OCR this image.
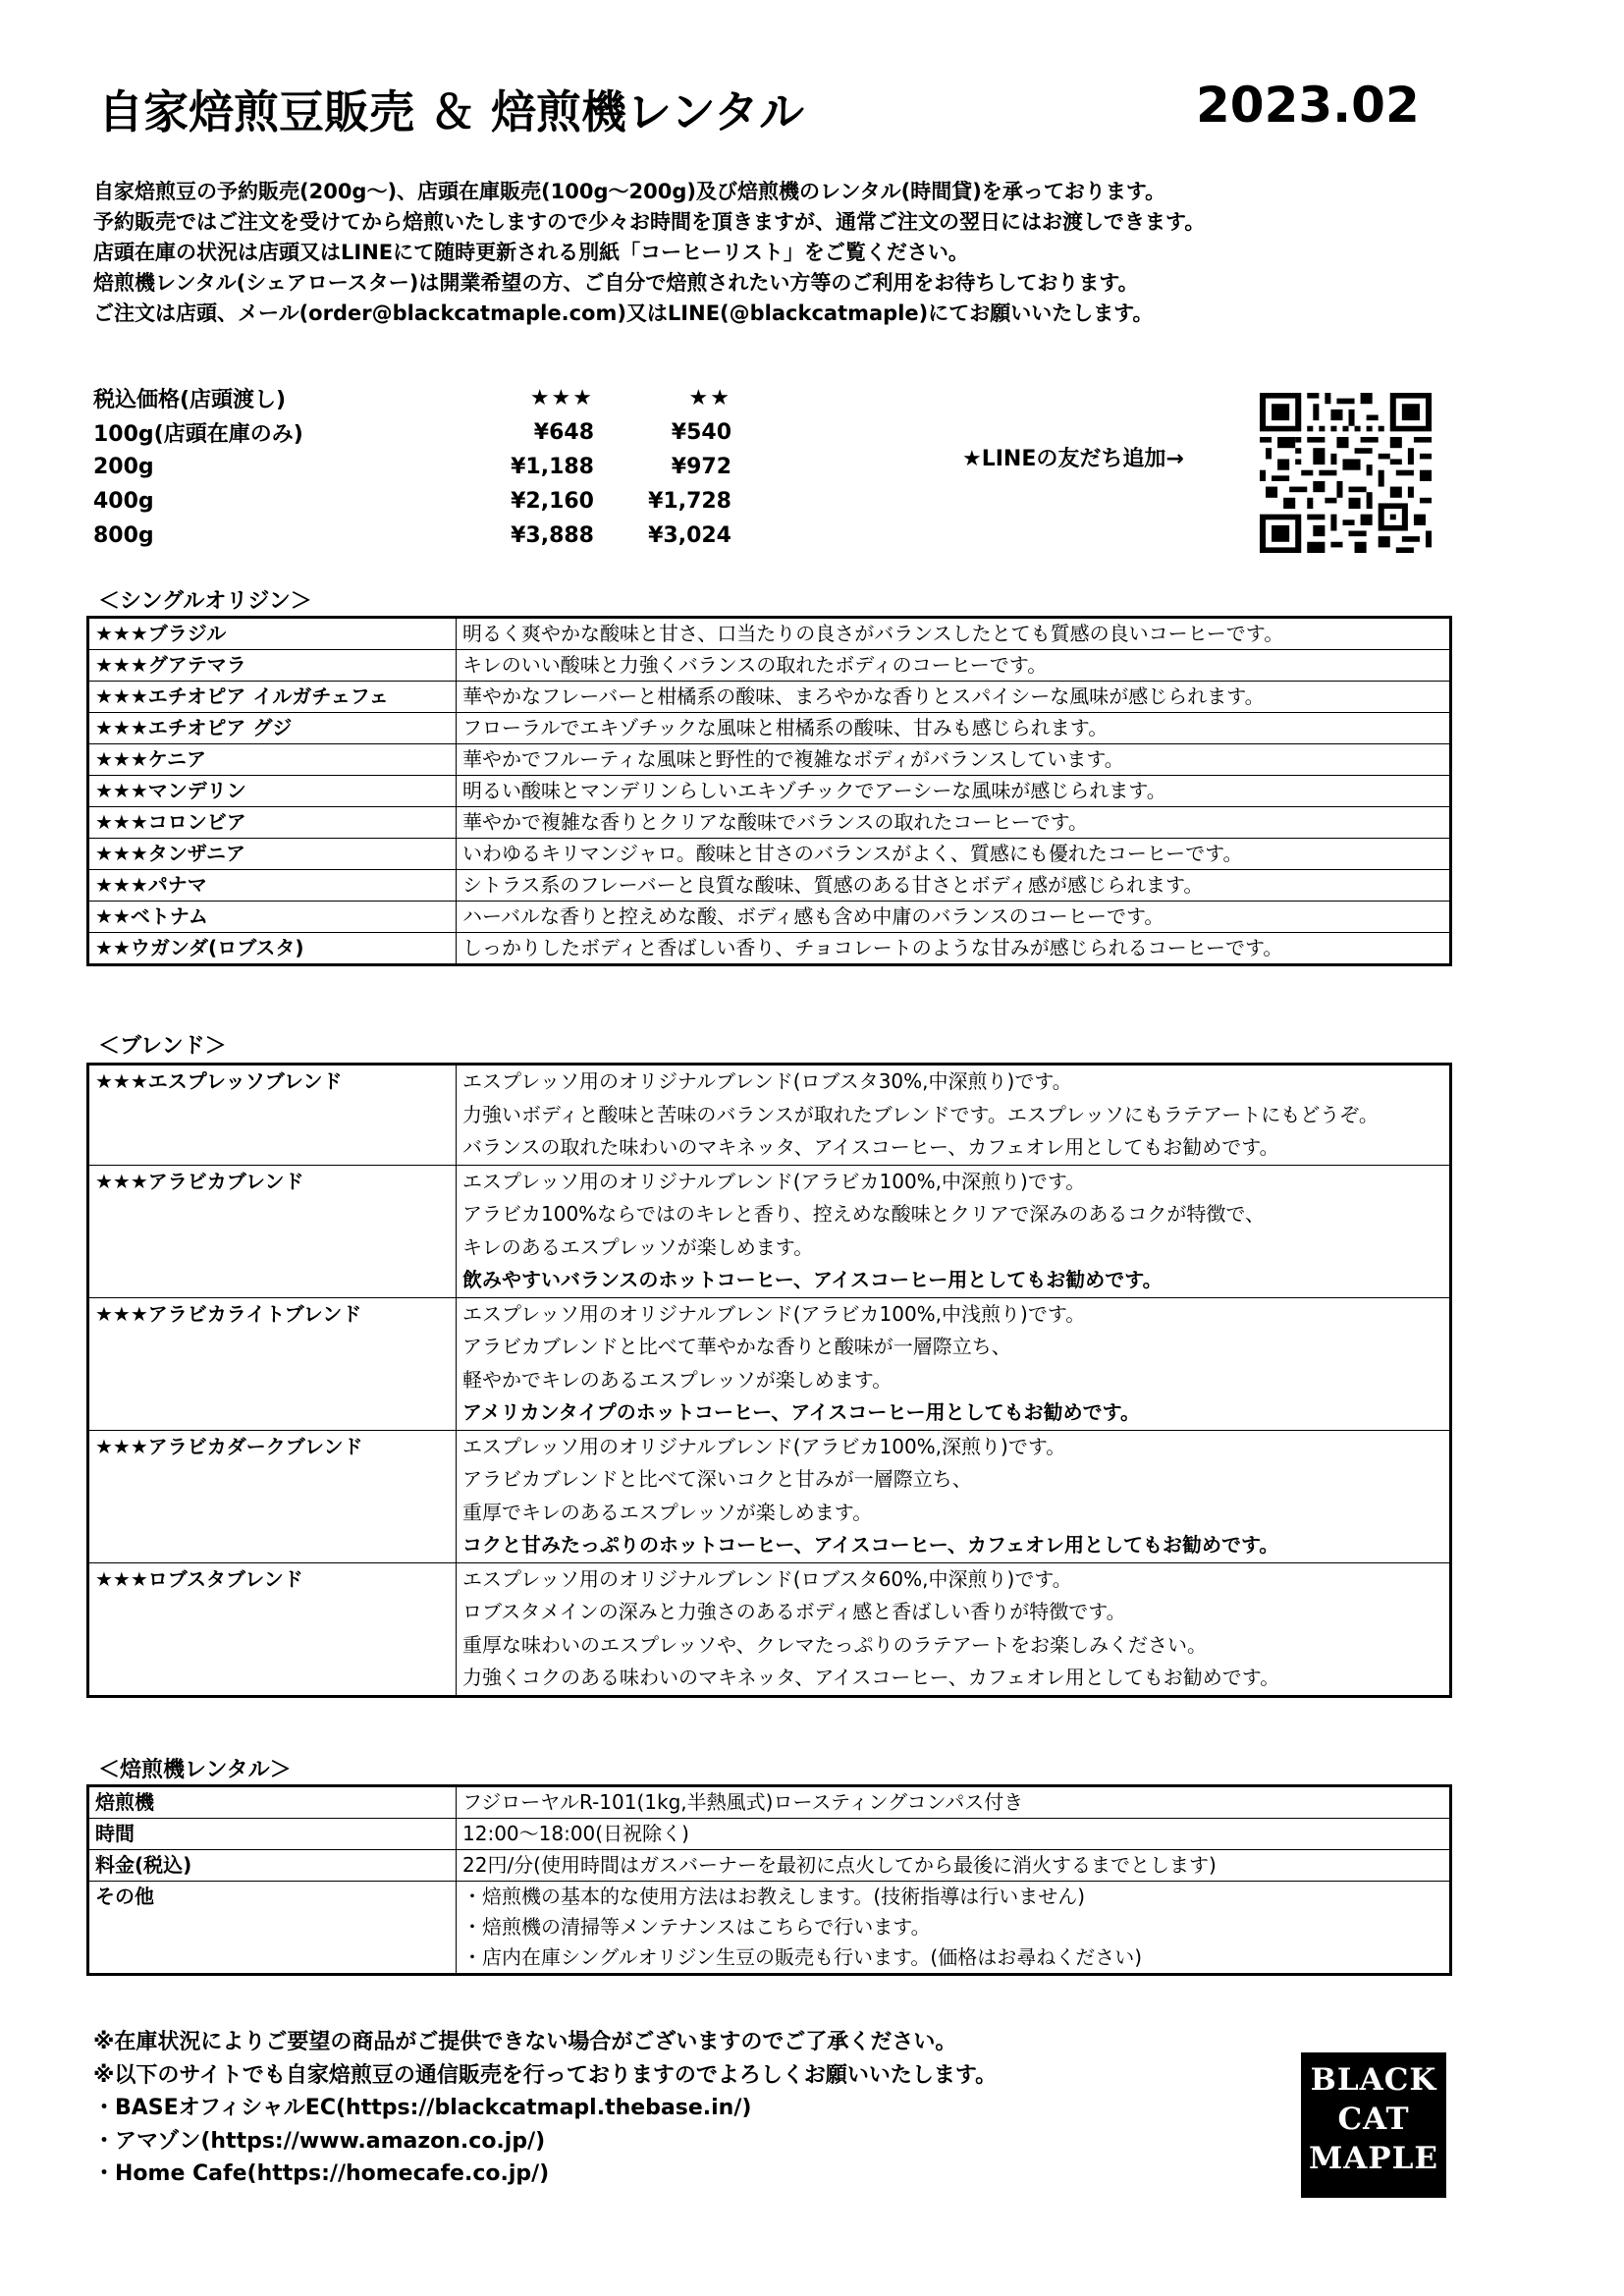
自家焙煎豆販売 ＆ 焙煎機レンタル	2023.02
自家焙煎豆の予約販売(200g～)、店頭在庫販売(100g～200g)及び焙煎機のレンタル(時間貸)を承っております。
予約販売ではご注文を受けてから焙煎いたしますので少々お時間を頂きますが、通常ご注文の翌日にはお渡しできます。
店頭在庫の状況は店頭又はLINEにて随時更新される別紙「コーヒーリスト」をご覧ください。
焙煎機レンタル(シェアロースター)は開業希望の方、ご自分で焙煎されたい方等のご利用をお待ちしております。
ご注文は店頭、メール(order@blackcatmaple.com)又はLINE(@blackcatmaple)にてお願いいたします。
税込価格(店頭渡し)	★★★	★★
100g(店頭在庫のみ)	¥648	¥540
200g	¥1,188	¥972
400g	¥2,160	¥1,728
800g	¥3,888	¥3,024
★LINEの友だち追加→
＜シングルオリジン＞
★★★ブラジル	明るく爽やかな酸味と甘さ、口当たりの良さがバランスしたとても質感の良いコーヒーです。
★★★グアテマラ	キレのいい酸味と力強くバランスの取れたボディのコーヒーです。
★★★エチオピア イルガチェフェ	華やかなフレーバーと柑橘系の酸味、まろやかな香りとスパイシーな風味が感じられます。
★★★エチオピア グジ	フローラルでエキゾチックな風味と柑橘系の酸味、甘みも感じられます。
★★★ケニア	華やかでフルーティな風味と野性的で複雑なボディがバランスしています。
★★★マンデリン	明るい酸味とマンデリンらしいエキゾチックでアーシーな風味が感じられます。
★★★コロンビア	華やかで複雑な香りとクリアな酸味でバランスの取れたコーヒーです。
★★★タンザニア	いわゆるキリマンジャロ。酸味と甘さのバランスがよく、質感にも優れたコーヒーです。
★★★パナマ	シトラス系のフレーバーと良質な酸味、質感のある甘さとボディ感が感じられます。
★★ベトナム	ハーバルな香りと控えめな酸、ボディ感も含め中庸のバランスのコーヒーです。
★★ウガンダ(ロブスタ)	しっかりしたボディと香ばしい香り、チョコレートのような甘みが感じられるコーヒーです。
＜ブレンド＞
★★★エスプレッソブレンド	エスプレッソ用のオリジナルブレンド(ロブスタ30%,中深煎り)です。
力強いボディと酸味と苦味のバランスが取れたブレンドです。エスプレッソにもラテアートにもどうぞ。
バランスの取れた味わいのマキネッタ、アイスコーヒー、カフェオレ用としてもお勧めです。

★★★アラビカブレンド	エスプレッソ用のオリジナルブレンド(アラビカ100%,中深煎り)です。
アラビカ100%ならではのキレと香り、控えめな酸味とクリアで深みのあるコクが特徴で、
キレのあるエスプレッソが楽しめます。
飲みやすいバランスのホットコーヒー、アイスコーヒー用としてもお勧めです。

★★★アラビカライトブレンド	エスプレッソ用のオリジナルブレンド(アラビカ100%,中浅煎り)です。
アラビカブレンドと比べて華やかな香りと酸味が一層際立ち、
軽やかでキレのあるエスプレッソが楽しめます。
アメリカンタイプのホットコーヒー、アイスコーヒー用としてもお勧めです。

★★★アラビカダークブレンド	エスプレッソ用のオリジナルブレンド(アラビカ100%,深煎り)です。
アラビカブレンドと比べて深いコクと甘みが一層際立ち、
重厚でキレのあるエスプレッソが楽しめます。
コクと甘みたっぷりのホットコーヒー、アイスコーヒー、カフェオレ用としてもお勧めです。

★★★ロブスタブレンド	エスプレッソ用のオリジナルブレンド(ロブスタ60%,中深煎り)です。
ロブスタメインの深みと力強さのあるボディ感と香ばしい香りが特徴です。
重厚な味わいのエスプレッソや、クレマたっぷりのラテアートをお楽しみください。
力強くコクのある味わいのマキネッタ、アイスコーヒー、カフェオレ用としてもお勧めです。
＜焙煎機レンタル＞
焙煎機	フジローヤルR-101(1kg,半熱風式)ロースティングコンパス付き

時間	12:00～18:00(日祝除く)

料金(税込)	22円/分(使用時間はガスバーナーを最初に点火してから最後に消火するまでとします)

その他	・焙煎機の基本的な使用方法はお教えします。(技術指導は行いません)
・焙煎機の清掃等メンテナンスはこちらで行います。
・店内在庫シングルオリジン生豆の販売も行います。(価格はお尋ねください)
※在庫状況によりご要望の商品がご提供できない場合がございますのでご了承ください。
※以下のサイトでも自家焙煎豆の通信販売を行っておりますのでよろしくお願いいたします。
・BASEオフィシャルEC(https://blackcatmapl.thebase.in/)
・アマゾン(https://www.amazon.co.jp/)
・Home Cafe(https://homecafe.co.jp/)
BLACK
CAT
MAPLE
